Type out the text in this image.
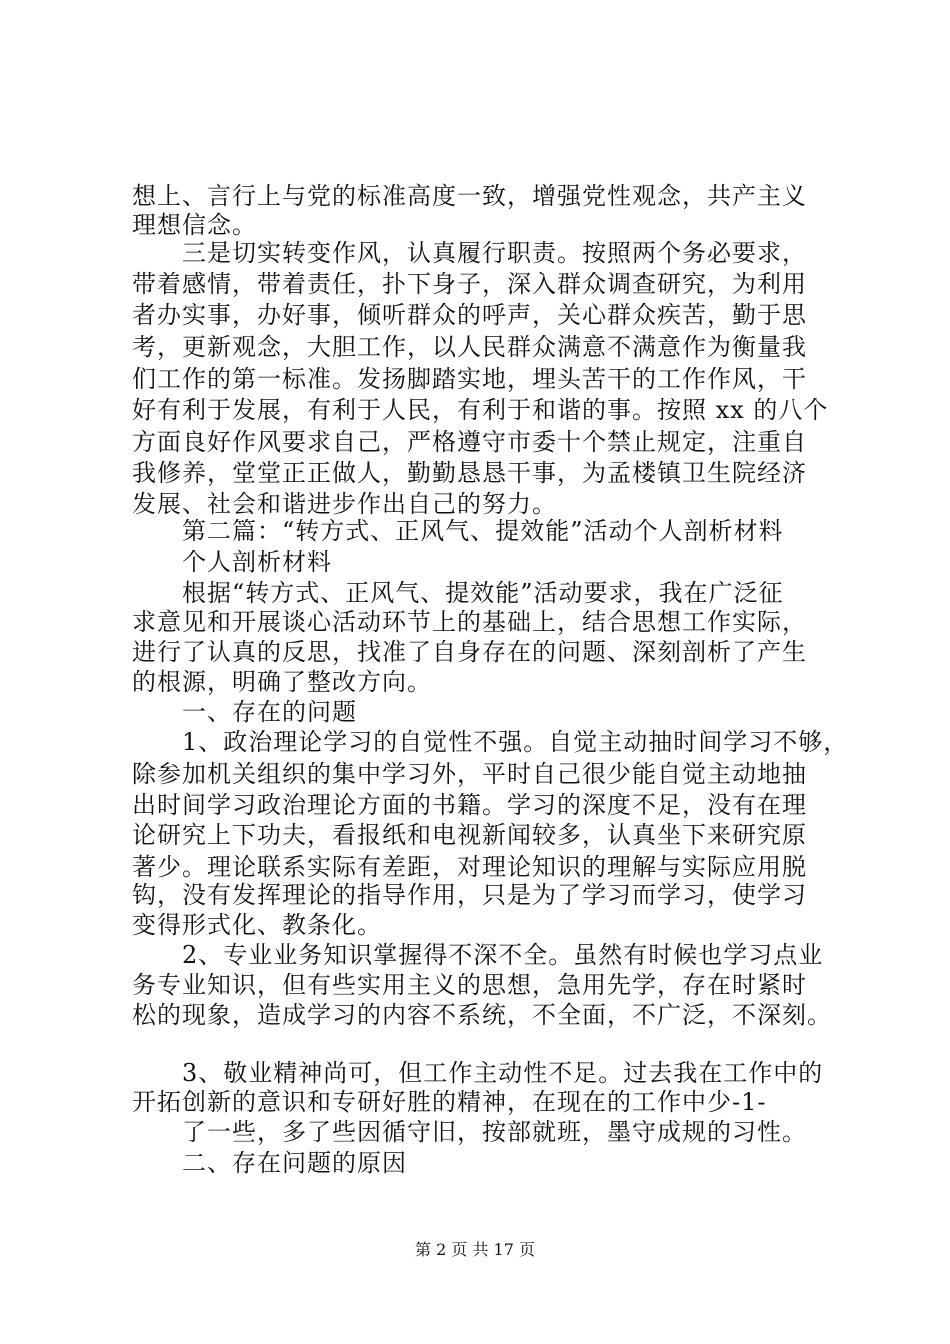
想上、言行上与党的标准高度一致，增强党性观念，共产主义
理想信念。
　　三是切实转变作风，认真履行职责。按照两个务必要求，
带着感情，带着责任，扑下身子，深入群众调查研究，为利用
者办实事，办好事，倾听群众的呼声，关心群众疾苦，勤于思
考，更新观念，大胆工作，以人民群众满意不满意作为衡量我
们工作的第一标准。发扬脚踏实地，埋头苦干的工作作风，干
好有利于发展，有利于人民，有利于和谐的事。按照 xx 的八个
方面良好作风要求自己，严格遵守市委十个禁止规定，注重自
我修养，堂堂正正做人，勤勤恳恳干事，为孟楼镇卫生院经济
发展、社会和谐进步作出自己的努力。
　　第二篇：“转方式、正风气、提效能”活动个人剖析材料
　　个人剖析材料
　　根据“转方式、正风气、提效能”活动要求，我在广泛征
求意见和开展谈心活动环节上的基础上，结合思想工作实际，
进行了认真的反思，找准了自身存在的问题、深刻剖析了产生
的根源，明确了整改方向。
　　一、存在的问题
　　1、政治理论学习的自觉性不强。自觉主动抽时间学习不够，
除参加机关组织的集中学习外，平时自己很少能自觉主动地抽
出时间学习政治理论方面的书籍。学习的深度不足，没有在理
论研究上下功夫，看报纸和电视新闻较多，认真坐下来研究原
著少。理论联系实际有差距，对理论知识的理解与实际应用脱
钩，没有发挥理论的指导作用，只是为了学习而学习，使学习
变得形式化、教条化。
　　2、专业业务知识掌握得不深不全。虽然有时候也学习点业
务专业知识，但有些实用主义的思想，急用先学，存在时紧时
松的现象，造成学习的内容不系统，不全面，不广泛，不深刻。
　　3、敬业精神尚可，但工作主动性不足。过去我在工作中的
开拓创新的意识和专研好胜的精神，在现在的工作中少-1-
　　了一些，多了些因循守旧，按部就班，墨守成规的习性。
　　二、存在问题的原因
第 2 页 共 17 页
